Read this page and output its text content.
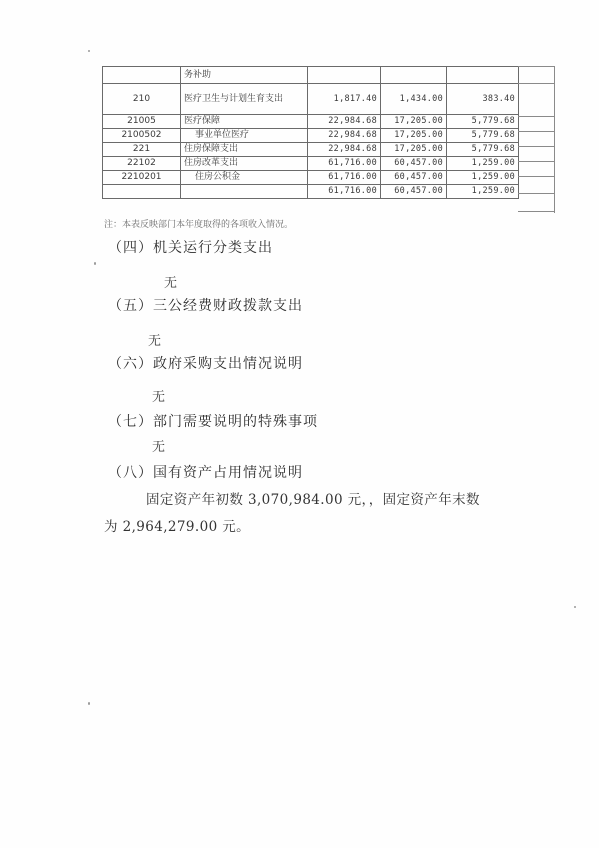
	务补助			
210	医疗卫生与计划生育支出	1,817.40	1,434.00	383.40
21005	医疗保障	22,984.68	17,205.00	5,779.68
2100502	事业单位医疗	22,984.68	17,205.00	5,779.68
221	住房保障支出	22,984.68	17,205.00	5,779.68
22102	住房改革支出	61,716.00	60,457.00	1,259.00
2210201	住房公积金	61,716.00	60,457.00	1,259.00
		61,716.00	60,457.00	1,259.00
注：本表反映部门本年度取得的各项收入情况。
（四）机关运行分类支出
无
（五）三公经费财政拨款支出
无
（六）政府采购支出情况说明
无
（七）部门需要说明的特殊事项
无
（八）国有资产占用情况说明
固定资产年初数 3,070,984.00 元，，固定资产年末数
为 2,964,279.00 元。
